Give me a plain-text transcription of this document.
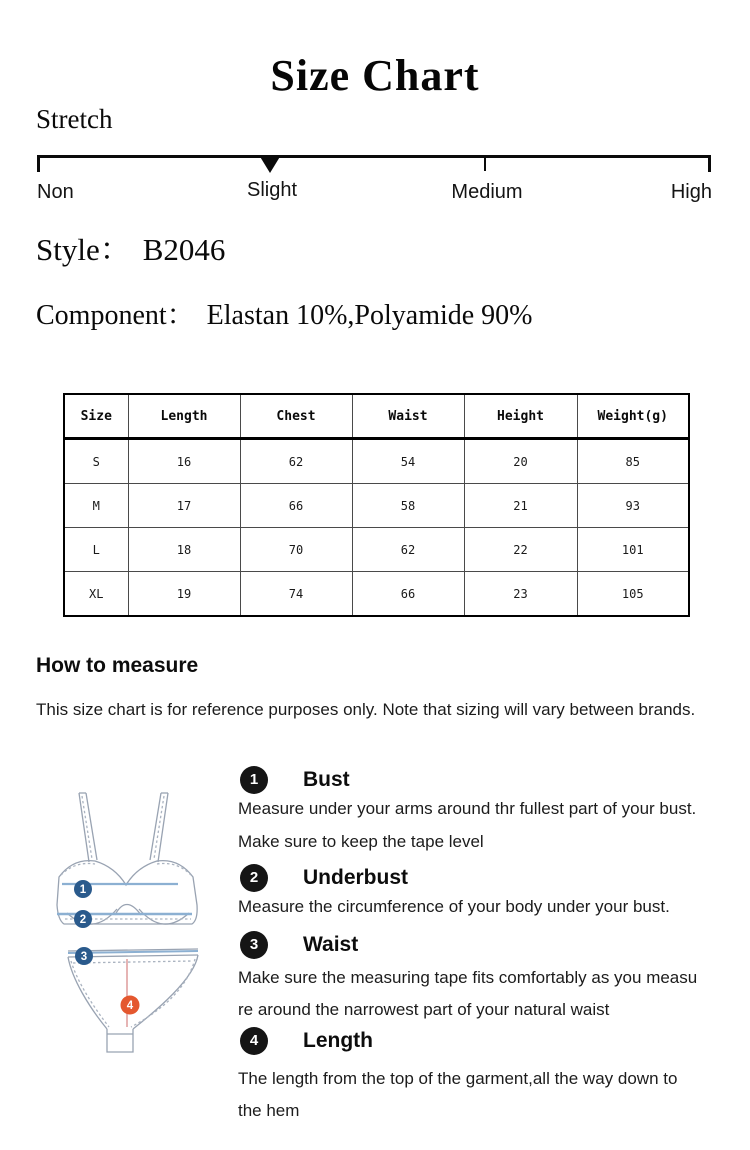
Size Chart
Stretch
Non	Slight	Medium	High
Style： B2046
Component： Elastan 10%,Polyamide 90%
Size	Length	Chest	Waist	Height	Weight(g)
S	16	62	54	20	85
M	17	66	58	21	93
L	18	70	62	22	101
XL	19	74	66	23	105
How to measure
This size chart is for reference purposes only. Note that sizing will vary between brands.
1
2
3
4
1	Bust
Measure under your arms around thr fullest part of your bust.
Make sure to keep the tape level
2	Underbust
Measure the circumference of your body under your bust.
3	Waist
Make sure the measuring tape fits comfortably as you measu
re around the narrowest part of your natural waist
4	Length
The length from the top of the garment,all the way down to
the hem
